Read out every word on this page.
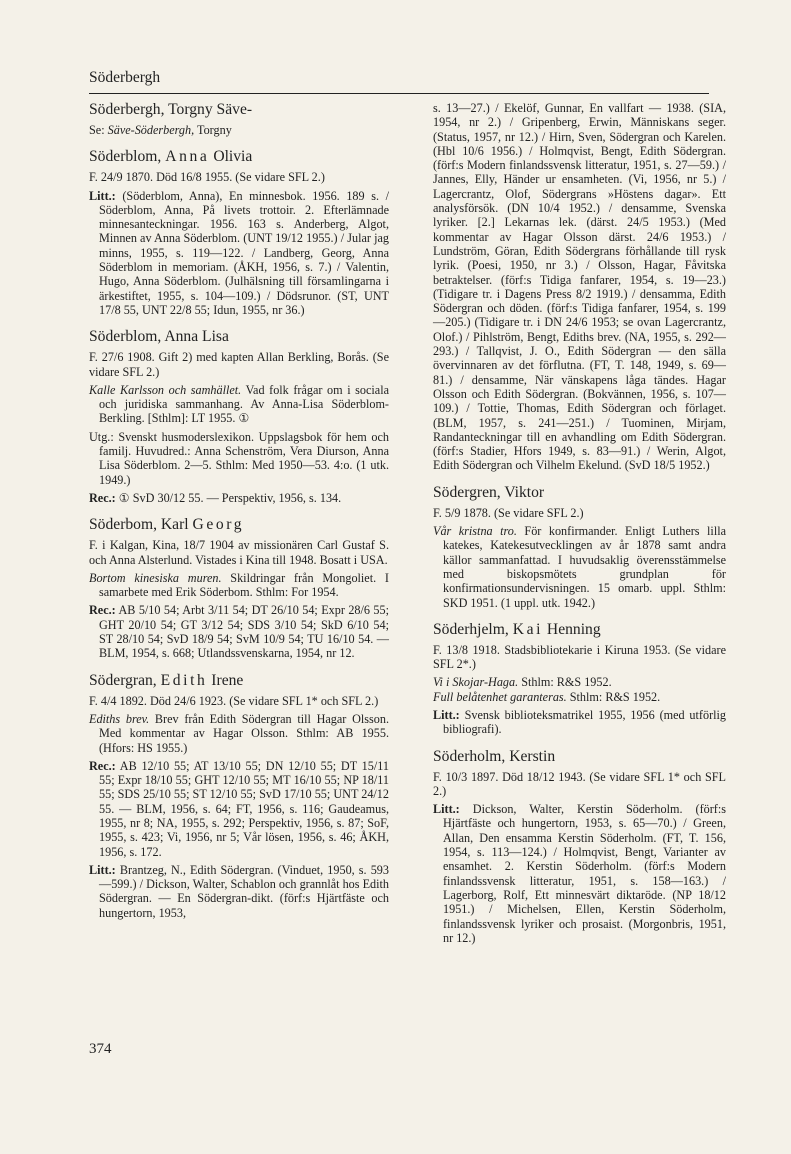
Söderbergh
Söderbergh, Torgny Säve-

Se: Säve-Söderbergh, Torgny

Söderblom, Anna Olivia

F. 24/9 1870. Död 16/8 1955. (Se vidare SFL 2.)

Litt.: (Söderblom, Anna), En minnesbok. 1956. 189 s. / Söderblom, Anna, På livets trottoir. 2. Efterlämnade minnesanteckningar. 1956. 163 s. Anderberg, Algot, Minnen av Anna Söderblom. (UNT 19/12 1955.) / Jular jag minns, 1955, s. 119—122. / Landberg, Georg, Anna Söderblom in memoriam. (ÅKH, 1956, s. 7.) / Valentin, Hugo, Anna Söderblom. (Julhälsning till församlingarna i ärkestiftet, 1955, s. 104—109.) / Dödsrunor. (ST, UNT 17/8 55, UNT 22/8 55; Idun, 1955, nr 36.)

Söderblom, Anna Lisa

F. 27/6 1908. Gift 2) med kapten Allan Berkling, Borås. (Se vidare SFL 2.)

Kalle Karlsson och samhället. Vad folk frågar om i sociala och juridiska sammanhang. Av Anna-Lisa Söderblom-Berkling. [Sthlm]: LT 1955. ①

Utg.: Svenskt husmoderslexikon. Uppslagsbok för hem och familj. Huvudred.: Anna Schenström, Vera Diurson, Anna Lisa Söderblom. 2—5. Sthlm: Med 1950—53. 4:o. (1 utk. 1949.)

Rec.: ① SvD 30/12 55. — Perspektiv, 1956, s. 134.

Söderbom, Karl Georg

F. i Kalgan, Kina, 18/7 1904 av missionären Carl Gustaf S. och Anna Alsterlund. Vistades i Kina till 1948. Bosatt i USA.

Bortom kinesiska muren. Skildringar från Mongoliet. I samarbete med Erik Söderbom. Sthlm: For 1954.

Rec.: AB 5/10 54; Arbt 3/11 54; DT 26/10 54; Expr 28/6 55; GHT 20/10 54; GT 3/12 54; SDS 3/10 54; SkD 6/10 54; ST 28/10 54; SvD 18/9 54; SvM 10/9 54; TU 16/10 54. — BLM, 1954, s. 668; Utlandssvenskarna, 1954, nr 12.

Södergran, Edith Irene

F. 4/4 1892. Död 24/6 1923. (Se vidare SFL 1* och SFL 2.)

Ediths brev. Brev från Edith Södergran till Hagar Olsson. Med kommentar av Hagar Olsson. Sthlm: AB 1955. (Hfors: HS 1955.)

Rec.: AB 12/10 55; AT 13/10 55; DN 12/10 55; DT 15/11 55; Expr 18/10 55; GHT 12/10 55; MT 16/10 55; NP 18/11 55; SDS 25/10 55; ST 12/10 55; SvD 17/10 55; UNT 24/12 55. — BLM, 1956, s. 64; FT, 1956, s. 116; Gaudeamus, 1955, nr 8; NA, 1955, s. 292; Perspektiv, 1956, s. 87; SoF, 1955, s. 423; Vi, 1956, nr 5; Vår lösen, 1956, s. 46; ÅKH, 1956, s. 172.

Litt.: Brantzeg, N., Edith Södergran. (Vinduet, 1950, s. 593—599.) / Dickson, Walter, Schablon och grannlåt hos Edith Södergran. — En Södergran-dikt. (förf:s Hjärtfäste och hungertorn, 1953,

s. 13—27.) / Ekelöf, Gunnar, En vallfart — 1938. (SIA, 1954, nr 2.) / Gripenberg, Erwin, Människans seger. (Status, 1957, nr 12.) / Hirn, Sven, Södergran och Karelen. (Hbl 10/6 1956.) / Holmqvist, Bengt, Edith Södergran. (förf:s Modern finlandssvensk litteratur, 1951, s. 27—59.) / Jannes, Elly, Händer ur ensamheten. (Vi, 1956, nr 5.) / Lagercrantz, Olof, Södergrans »Höstens dagar». Ett analysförsök. (DN 10/4 1952.) / densamme, Svenska lyriker. [2.] Lekarnas lek. (därst. 24/5 1953.) (Med kommentar av Hagar Olsson därst. 24/6 1953.) / Lundström, Göran, Edith Södergrans förhållande till rysk lyrik. (Poesi, 1950, nr 3.) / Olsson, Hagar, Fåvitska betraktelser. (förf:s Tidiga fanfarer, 1954, s. 19—23.) (Tidigare tr. i Dagens Press 8/2 1919.) / densamma, Edith Södergran och döden. (förf:s Tidiga fanfarer, 1954, s. 199—205.) (Tidigare tr. i DN 24/6 1953; se ovan Lagercrantz, Olof.) / Pihlström, Bengt, Ediths brev. (NA, 1955, s. 292—293.) / Tallqvist, J. O., Edith Södergran — den sälla övervinnaren av det förflutna. (FT, T. 148, 1949, s. 69—81.) / densamme, När vänskapens låga tändes. Hagar Olsson och Edith Södergran. (Bokvännen, 1956, s. 107—109.) / Tottie, Thomas, Edith Södergran och förlaget. (BLM, 1957, s. 241—251.) / Tuominen, Mirjam, Randanteckningar till en avhandling om Edith Södergran. (förf:s Stadier, Hfors 1949, s. 83—91.) / Werin, Algot, Edith Södergran och Vilhelm Ekelund. (SvD 18/5 1952.)

Södergren, Viktor

F. 5/9 1878. (Se vidare SFL 2.)

Vår kristna tro. För konfirmander. Enligt Luthers lilla katekes, Katekesutvecklingen av år 1878 samt andra källor sammanfattad. I huvudsaklig överensstämmelse med biskopsmötets grundplan för konfirmationsundervisningen. 15 omarb. uppl. Sthlm: SKD 1951. (1 uppl. utk. 1942.)

Söderhjelm, Kai Henning

F. 13/8 1918. Stadsbibliotekarie i Kiruna 1953. (Se vidare SFL 2*.)

Vi i Skojar-Haga. Sthlm: R&S 1952.

Full belåtenhet garanteras. Sthlm: R&S 1952.

Litt.: Svensk biblioteksmatrikel 1955, 1956 (med utförlig bibliografi).

Söderholm, Kerstin

F. 10/3 1897. Död 18/12 1943. (Se vidare SFL 1* och SFL 2.)

Litt.: Dickson, Walter, Kerstin Söderholm. (förf:s Hjärtfäste och hungertorn, 1953, s. 65—70.) / Green, Allan, Den ensamma Kerstin Söderholm. (FT, T. 156, 1954, s. 113—124.) / Holmqvist, Bengt, Varianter av ensamhet. 2. Kerstin Söderholm. (förf:s Modern finlandssvensk litteratur, 1951, s. 158—163.) / Lagerborg, Rolf, Ett minnesvärt diktaröde. (NP 18/12 1951.) / Michelsen, Ellen, Kerstin Söderholm, finlandssvensk lyriker och prosaist. (Morgonbris, 1951, nr 12.)

374
